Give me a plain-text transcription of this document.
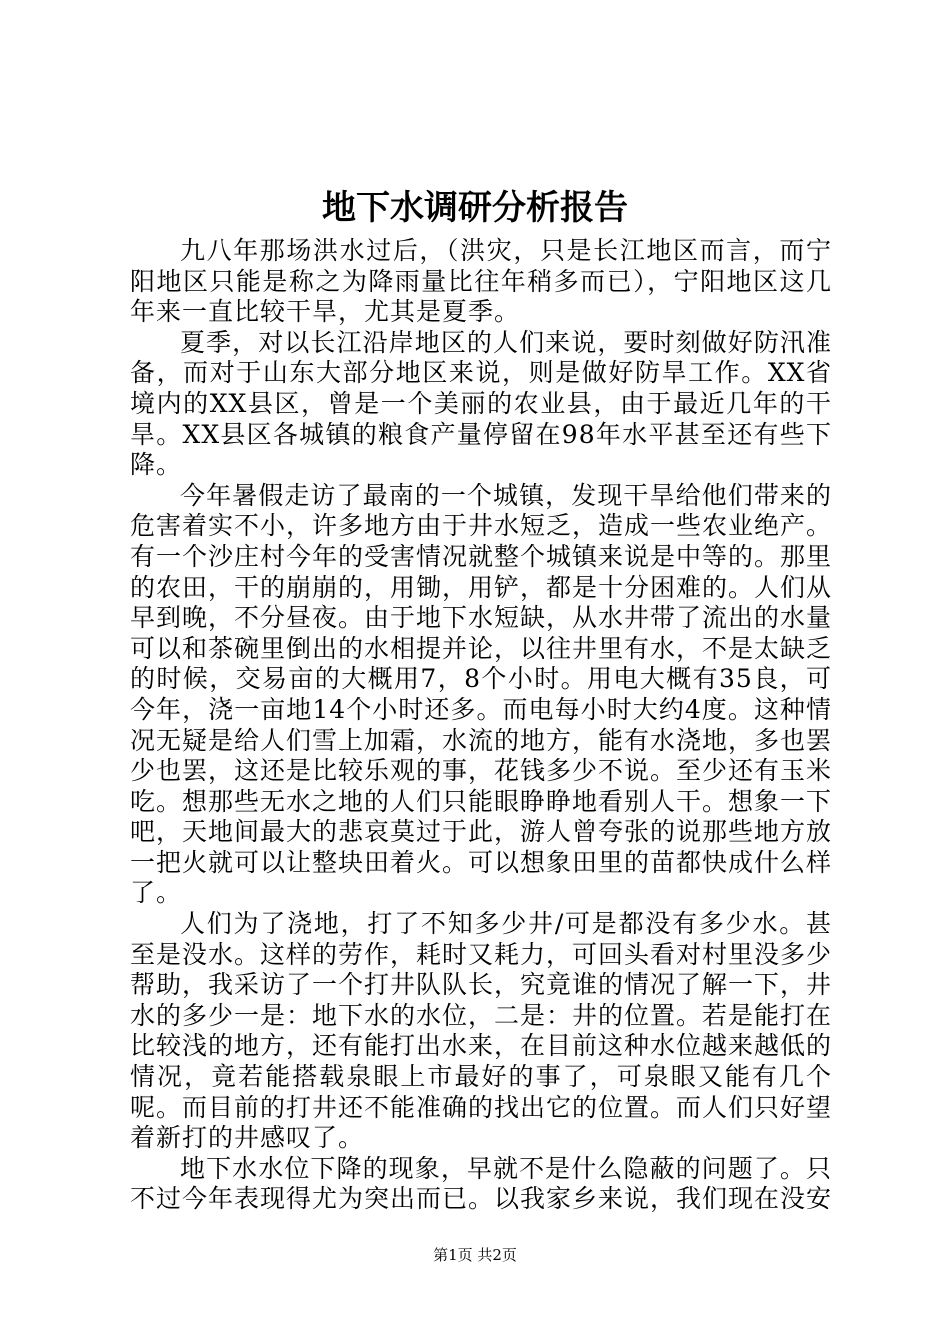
地下水调研分析报告

九八年那场洪水过后，（洪灾，只是长江地区而言，而宁阳地区只能是称之为降雨量比往年稍多而已），宁阳地区这几年来一直比较干旱，尤其是夏季。

夏季，对以长江沿岸地区的人们来说，要时刻做好防汛准备，而对于山东大部分地区来说，则是做好防旱工作。XX省境内的XX县区，曾是一个美丽的农业县，由于最近几年的干旱。XX县区各城镇的粮食产量停留在98年水平甚至还有些下降。

今年暑假走访了最南的一个城镇，发现干旱给他们带来的危害着实不小，许多地方由于井水短乏，造成一些农业绝产。有一个沙庄村今年的受害情况就整个城镇来说是中等的。那里的农田，干的崩崩的，用锄，用铲，都是十分困难的。人们从早到晚，不分昼夜。由于地下水短缺，从水井带了流出的水量可以和茶碗里倒出的水相提并论，以往井里有水，不是太缺乏的时候，交易亩的大概用7，8个小时。用电大概有35良，可今年，浇一亩地14个小时还多。而电每小时大约4度。这种情况无疑是给人们雪上加霜，水流的地方，能有水浇地，多也罢少也罢，这还是比较乐观的事，花钱多少不说。至少还有玉米吃。想那些无水之地的人们只能眼睁睁地看别人干。想象一下吧，天地间最大的悲哀莫过于此，游人曾夸张的说那些地方放一把火就可以让整块田着火。可以想象田里的苗都快成什么样了。

人们为了浇地，打了不知多少井/可是都没有多少水。甚至是没水。这样的劳作，耗时又耗力，可回头看对村里没多少帮助，我采访了一个打井队队长，究竟谁的情况了解一下，井水的多少一是：地下水的水位，二是：井的位置。若是能打在比较浅的地方，还有能打出水来，在目前这种水位越来越低的情况，竟若能搭载泉眼上市最好的事了，可泉眼又能有几个呢。而目前的打井还不能准确的找出它的位置。而人们只好望着新打的井感叹了。

地下水水位下降的现象，早就不是什么隐蔽的问题了。只不过今年表现得尤为突出而已。以我家乡来说，我们现在没安

第1页 共2页
